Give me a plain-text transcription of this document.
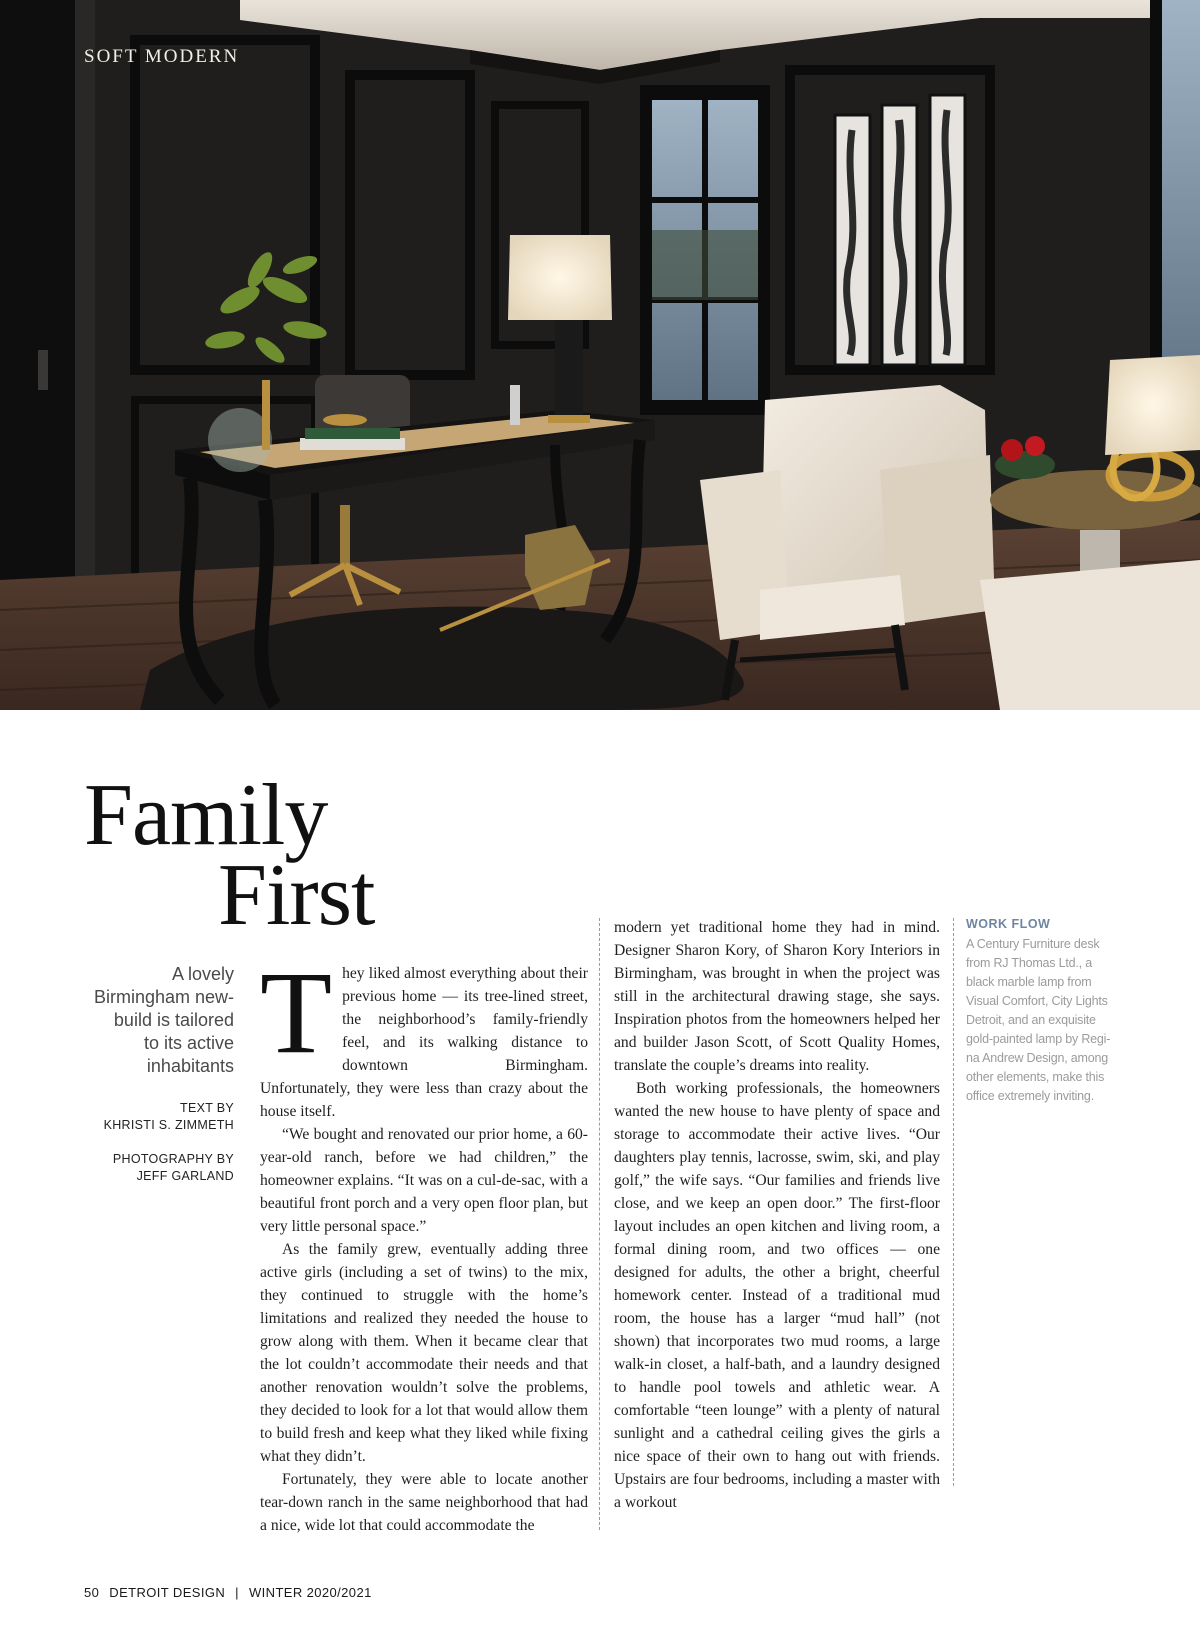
SOFT MODERN
Family
First
A lovely
Birmingham new-
build is tailored
to its active
inhabitants
TEXT BY
KHRISTI S. ZIMMETH
PHOTOGRAPHY BY
JEFF GARLAND

They liked almost everything about their previous home — its tree-lined street, the neighborhood’s family-friendly feel, and its walking distance to downtown Birmingham. Unfortunately, they were less than crazy about the house itself.

“We bought and renovated our prior home, a 60-year-old ranch, before we had children,” the homeowner explains. “It was on a cul-de-sac, with a beautiful front porch and a very open floor plan, but very little personal space.”

As the family grew, eventually adding three active girls (including a set of twins) to the mix, they continued to struggle with the home’s limitations and realized they needed the house to grow along with them. When it became clear that the lot couldn’t accommodate their needs and that another renovation wouldn’t solve the problems, they decided to look for a lot that would allow them to build fresh and keep what they liked while fixing what they didn’t.

Fortunately, they were able to locate another tear-down ranch in the same neighborhood that had a nice, wide lot that could accommodate the

modern yet traditional home they had in mind. Designer Sharon Kory, of Sharon Kory Interiors in Birmingham, was brought in when the project was still in the architectural drawing stage, she says. Inspiration photos from the homeowners helped her and builder Jason Scott, of Scott Quality Homes, translate the couple’s dreams into reality.

Both working professionals, the homeowners wanted the new house to have plenty of space and storage to accommodate their active lives. “Our daughters play tennis, lacrosse, swim, ski, and play golf,” the wife says. “Our families and friends live close, and we keep an open door.” The first-floor layout includes an open kitchen and living room, a formal dining room, and two offices — one designed for adults, the other a bright, cheerful homework center. Instead of a traditional mud room, the house has a larger “mud hall” (not shown) that incorporates two mud rooms, a large walk-in closet, a half-bath, and a laundry designed to handle pool towels and athletic wear. A comfortable “teen lounge” with a plenty of natural sunlight and a cathedral ceiling gives the girls a nice space of their own to hang out with friends. Upstairs are four bedrooms, including a master with a workout

WORK FLOW
A Century Furniture desk
from RJ Thomas Ltd., a
black marble lamp from
Visual Comfort, City Lights
Detroit, and an exquisite
gold-painted lamp by Regi-
na Andrew Design, among
other elements, make this
office extremely inviting.
50 DETROIT DESIGN | WINTER 2020/2021
